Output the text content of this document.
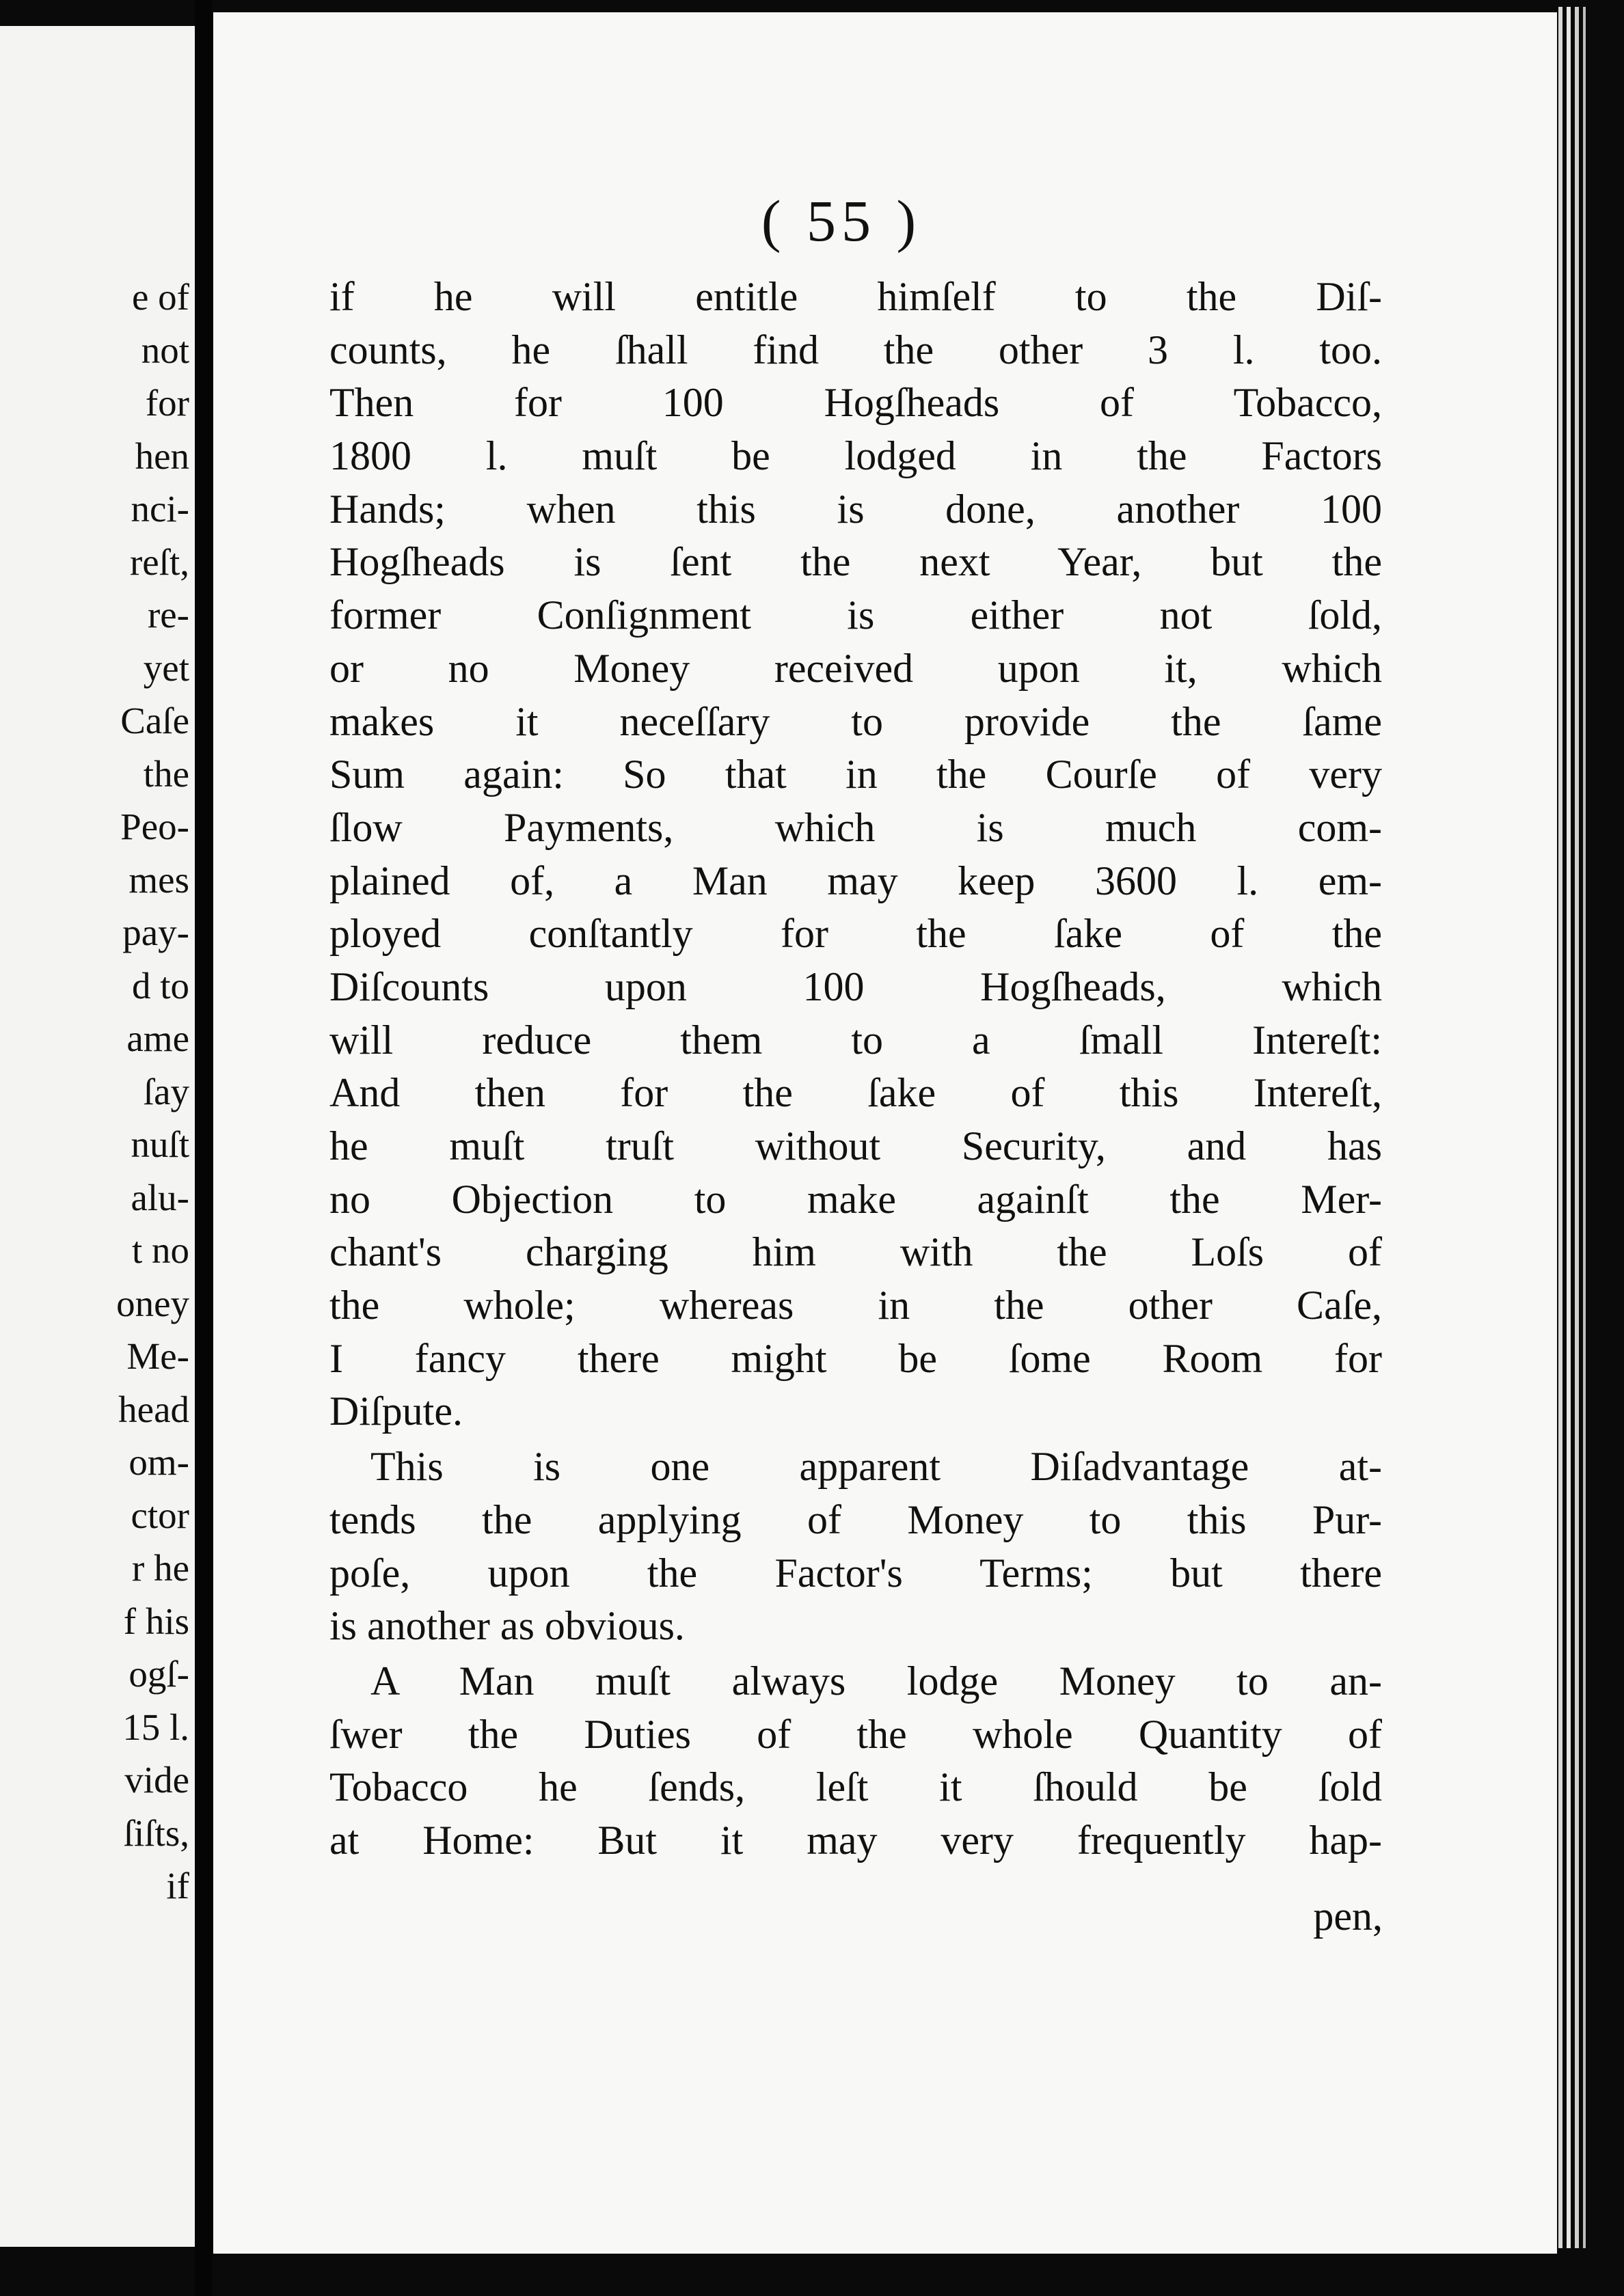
e of
not
for
hen
nci-
reſt,
re-
yet
Caſe
the
Peo-
mes
pay-
d to
ame
ſay
nuſt
alu-
t no
oney
Me-
head
om-
ctor
r he
f his
ogſ-
15 l.
vide
ſiſts,
if
( 55 )
if he will entitle himſelf to the Diſ-
counts, he ſhall find the other 3 l. too.
Then for 100 Hogſheads of Tobacco,
1800 l. muſt be lodged in the Factors
Hands; when this is done, another 100
Hogſheads is ſent the next Year, but the
former Conſignment is either not ſold,
or no Money received upon it, which
makes it neceſſary to provide the ſame
Sum again: So that in the Courſe of very
ſlow Payments, which is much com-
plained of, a Man may keep 3600 l. em-
ployed conſtantly for the ſake of the
Diſcounts upon 100 Hogſheads, which
will reduce them to a ſmall Intereſt:
And then for the ſake of this Intereſt,
he muſt truſt without Security, and has
no Objection to make againſt the Mer-
chant's charging him with the Loſs of
the whole; whereas in the other Caſe,
I fancy there might be ſome Room for
Diſpute.
This is one apparent Diſadvantage at-
tends the applying of Money to this Pur-
poſe, upon the Factor's Terms; but there
is another as obvious.
A Man muſt always lodge Money to an-
ſwer the Duties of the whole Quantity of
Tobacco he ſends, leſt it ſhould be ſold
at Home: But it may very frequently hap-
pen,
